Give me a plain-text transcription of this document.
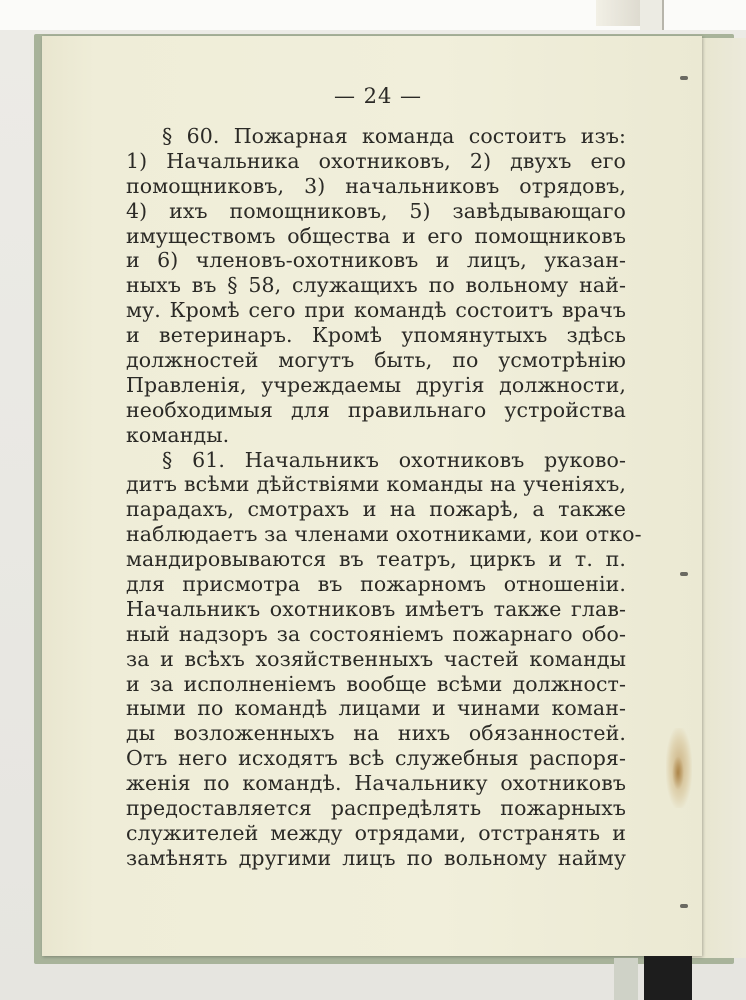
— 24 —
§ 60. Пожарная команда состоитъ изъ:
1) Начальника охотниковъ, 2) двухъ его
помощниковъ, 3) начальниковъ отрядовъ,
4) ихъ помощниковъ, 5) завѣдывающаго
имуществомъ общества и его помощниковъ
и 6) членовъ-охотниковъ и лицъ, указан-
ныхъ въ § 58, служащихъ по вольному най-
му. Кромѣ сего при командѣ состоитъ врачъ
и ветеринаръ. Кромѣ упомянутыхъ здѣсь
должностей могутъ быть, по усмотрѣнію
Правленія, учреждаемы другія должности,
необходимыя для правильнаго устройства
команды.
§ 61. Начальникъ охотниковъ руково-
дитъ всѣми дѣйствіями команды на ученіяхъ,
парадахъ, смотрахъ и на пожарѣ, а также
наблюдаетъ за членами охотниками, кои отко-
мандировываются въ театръ, циркъ и т. п.
для присмотра въ пожарномъ отношеніи.
Начальникъ охотниковъ имѣетъ также глав-
ный надзоръ за состояніемъ пожарнаго обо-
за и всѣхъ хозяйственныхъ частей команды
и за исполненіемъ вообще всѣми должност-
ными по командѣ лицами и чинами коман-
ды возложенныхъ на нихъ обязанностей.
Отъ него исходятъ всѣ служебныя распоря-
женія по командѣ. Начальнику охотниковъ
предоставляется распредѣлять пожарныхъ
служителей между отрядами, отстранять и
замѣнять другими лицъ по вольному найму
